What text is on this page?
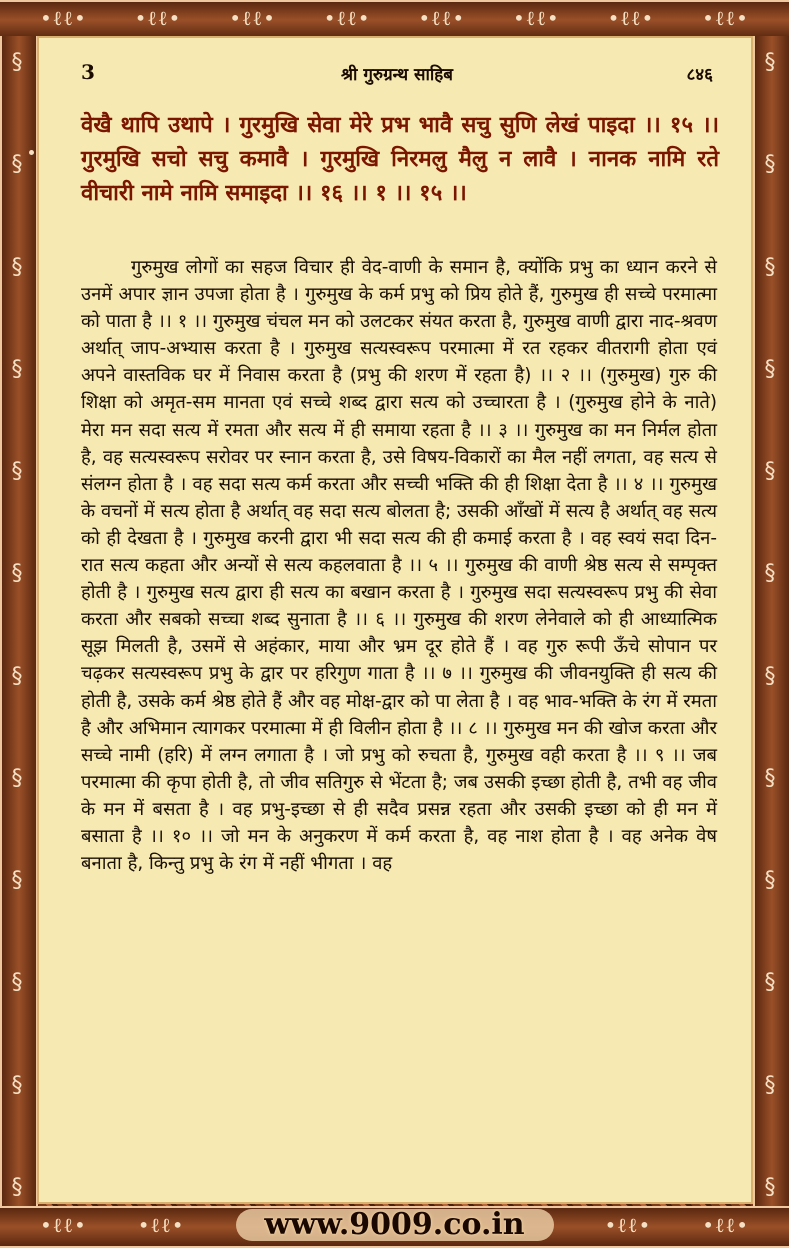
•ℓℓ• •ℓℓ• •ℓℓ• •ℓℓ• •ℓℓ• •ℓℓ• •ℓℓ• •ℓℓ•
§
§
§
§
§
§
§
§
§
§
§
§
§
§
§
§
§
§
§
§
§
§
§
§
3	श्री गुरुग्रन्थ साहिब	८४६
वेखै थापि उथापे । गुरमुखि सेवा मेरे प्रभ भावै सचु सुणि लेखं पाइदा ।। १५ ।। गुरमुखि सचो सचु कमावै । गुरमुखि निरमलु मैलु न लावै । नानक नामि रते वीचारी नामे नामि समाइदा ।। १६ ।। १ ।। १५ ।।

गुरुमुख लोगों का सहज विचार ही वेद-वाणी के समान है, क्योंकि प्रभु का ध्यान करने से उनमें अपार ज्ञान उपजा होता है । गुरुमुख के कर्म प्रभु को प्रिय होते हैं, गुरुमुख ही सच्चे परमात्मा को पाता है ।। १ ।। गुरुमुख चंचल मन को उलटकर संयत करता है, गुरुमुख वाणी द्वारा नाद-श्रवण अर्थात् जाप-अभ्यास करता है । गुरुमुख सत्यस्वरूप परमात्मा में रत रहकर वीतरागी होता एवं अपने वास्तविक घर में निवास करता है (प्रभु की शरण में रहता है) ।। २ ।। (गुरुमुख) गुरु की शिक्षा को अमृत-सम मानता एवं सच्चे शब्द द्वारा सत्य को उच्चारता है । (गुरुमुख होने के नाते) मेरा मन सदा सत्य में रमता और सत्य में ही समाया रहता है ।। ३ ।। गुरुमुख का मन निर्मल होता है, वह सत्यस्वरूप सरोवर पर स्नान करता है, उसे विषय-विकारों का मैल नहीं लगता, वह सत्य से संलग्न होता है । वह सदा सत्य कर्म करता और सच्ची भक्ति की ही शिक्षा देता है ।। ४ ।। गुरुमुख के वचनों में सत्य होता है अर्थात् वह सदा सत्य बोलता है; उसकी आँखों में सत्य है अर्थात् वह सत्य को ही देखता है । गुरुमुख करनी द्वारा भी सदा सत्य की ही कमाई करता है । वह स्वयं सदा दिन-रात सत्य कहता और अन्यों से सत्य कहलवाता है ।। ५ ।। गुरुमुख की वाणी श्रेष्ठ सत्य से सम्पृक्त होती है । गुरुमुख सत्य द्वारा ही सत्य का बखान करता है । गुरुमुख सदा सत्यस्वरूप प्रभु की सेवा करता और सबको सच्चा शब्द सुनाता है ।। ६ ।। गुरुमुख की शरण लेनेवाले को ही आध्यात्मिक सूझ मिलती है, उसमें से अहंकार, माया और भ्रम दूर होते हैं । वह गुरु रूपी ऊँचे सोपान पर चढ़कर सत्यस्वरूप प्रभु के द्वार पर हरिगुण गाता है ।। ७ ।। गुरुमुख की जीवनयुक्ति ही सत्य की होती है, उसके कर्म श्रेष्ठ होते हैं और वह मोक्ष-द्वार को पा लेता है । वह भाव-भक्ति के रंग में रमता है और अभिमान त्यागकर परमात्मा में ही विलीन होता है ।। ८ ।। गुरुमुख मन की खोज करता और सच्चे नामी (हरि) में लग्न लगाता है । जो प्रभु को रुचता है, गुरुमुख वही करता है ।। ९ ।। जब परमात्मा की कृपा होती है, तो जीव सतिगुरु से भेंटता है; जब उसकी इच्छा होती है, तभी वह जीव के मन में बसता है । वह प्रभु-इच्छा से ही सदैव प्रसन्न रहता और उसकी इच्छा को ही मन में बसाता है ।। १० ।। जो मन के अनुकरण में कर्म करता है, वह नाश होता है । वह अनेक वेष बनाता है, किन्तु प्रभु के रंग में नहीं भीगता । वह

•ℓℓ•	•ℓℓ•	•ℓℓ•	•ℓℓ•
www.9009.co.in
